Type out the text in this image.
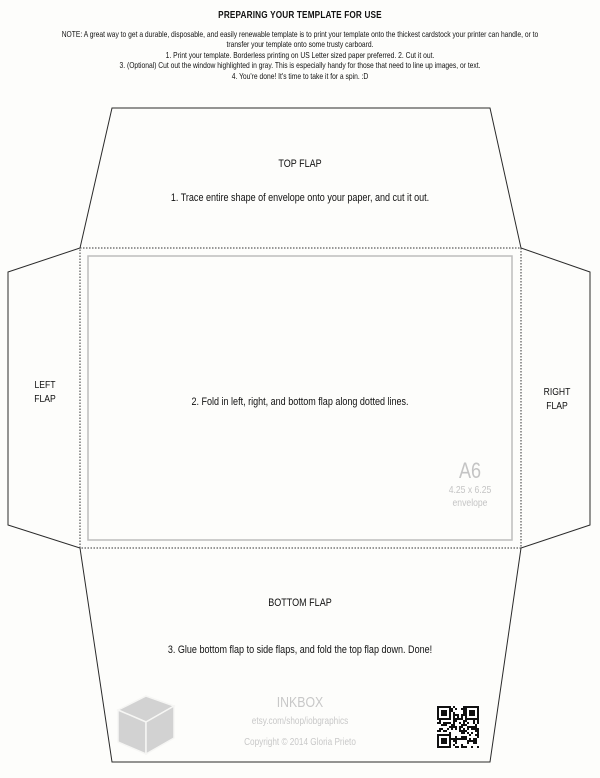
PREPARING YOUR TEMPLATE FOR USE
NOTE: A great way to get a durable, disposable, and easily renewable template is to print your template onto the thickest cardstock your printer can handle, or to
transfer your template onto some trusty carboard.
1. Print your template. Borderless printing on US Letter sized paper preferred. 2. Cut it out.
3. (Optional) Cut out the window highlighted in gray. This is especially handy for those that need to line up images, or text.
4. You're done! It's time to take it for a spin. :D
TOP FLAP
1. Trace entire shape of envelope onto your paper, and cut it out.
LEFT
FLAP
RIGHT
FLAP
2. Fold in left, right, and bottom flap along dotted lines.
A6
4.25 x 6.25
envelope
BOTTOM FLAP
3. Glue bottom flap to side flaps, and fold the top flap down. Done!
INKBOX
etsy.com/shop/iobgraphics
Copyright © 2014 Gloria Prieto
